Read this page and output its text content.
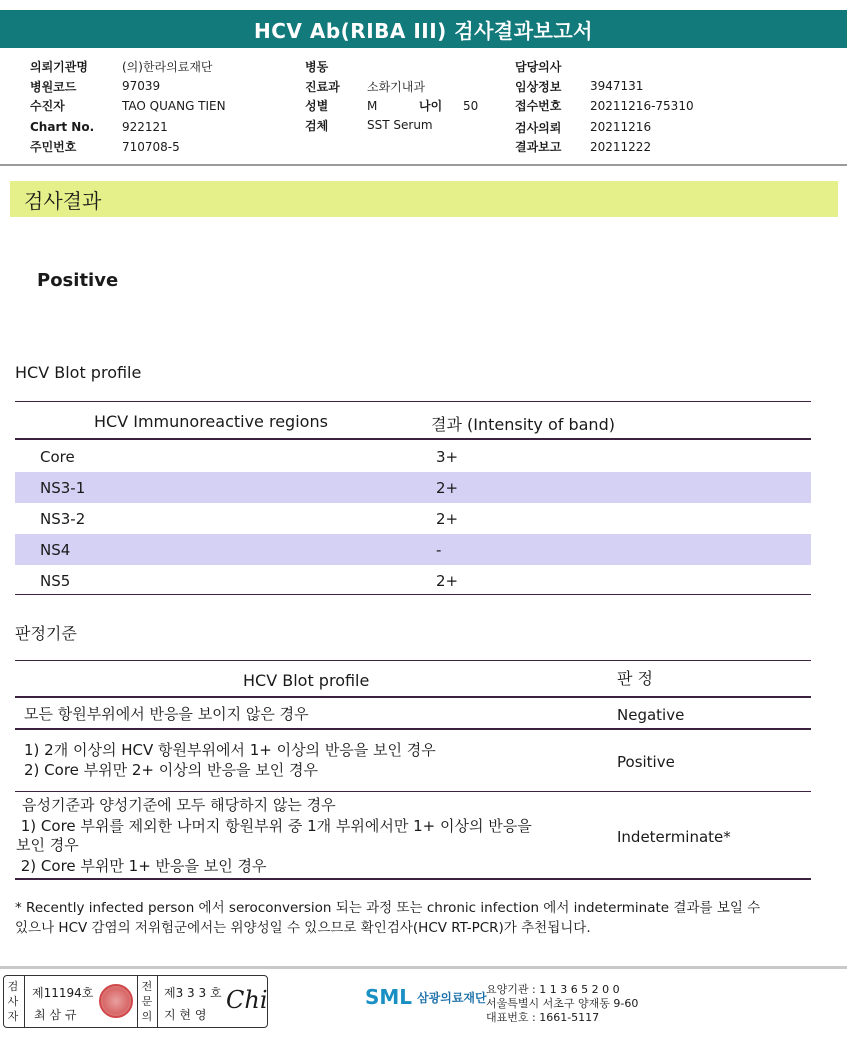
HCV Ab(RIBA III) 검사결과보고서
의뢰기관명	(의)한라의료재단
병원코드	97039
수진자	TAO QUANG TIEN
Chart No.	922121
주민번호	710708-5
병동
진료과	소화기내과
성별	M	나이	50
검체	SST Serum
담당의사
임상정보	3947131
접수번호	20211216-75310
검사의뢰	20211216
결과보고	20211222
검사결과
Positive
HCV Blot profile
HCV Immunoreactive regions	결과 (Intensity of band)
Core	3+
NS3-1	2+
NS3-2	2+
NS4	-
NS5	2+
판정기준
HCV Blot profile	판 정
모든 항원부위에서 반응을 보이지 않은 경우	Negative
1) 2개 이상의 HCV 항원부위에서 1+ 이상의 반응을 보인 경우
2) Core 부위만 2+ 이상의 반응을 보인 경우	Positive
음성기준과 양성기준에 모두 해당하지 않는 경우
1) Core 부위를 제외한 나머지 항원부위 중 1개 부위에서만 1+ 이상의 반응을
보인 경우
2) Core 부위만 1+ 반응을 보인 경우
Indeterminate*
* Recently infected person 에서 seroconversion 되는 과정 또는 chronic infection 에서 indeterminate 결과를 보일 수
있으나 HCV 감염의 저위험군에서는 위양성일 수 있으므로 확인검사(HCV RT-PCR)가 추천됩니다.
검
사
자
제11194호
최 삼 규
전
문
의
제3 3 3 호
지 현 영
Chi	SML 삼광의료재단
요양기관 : 1 1 3 6 5 2 0 0
서울특별시 서초구 양재동 9-60
대표번호 : 1661-5117
